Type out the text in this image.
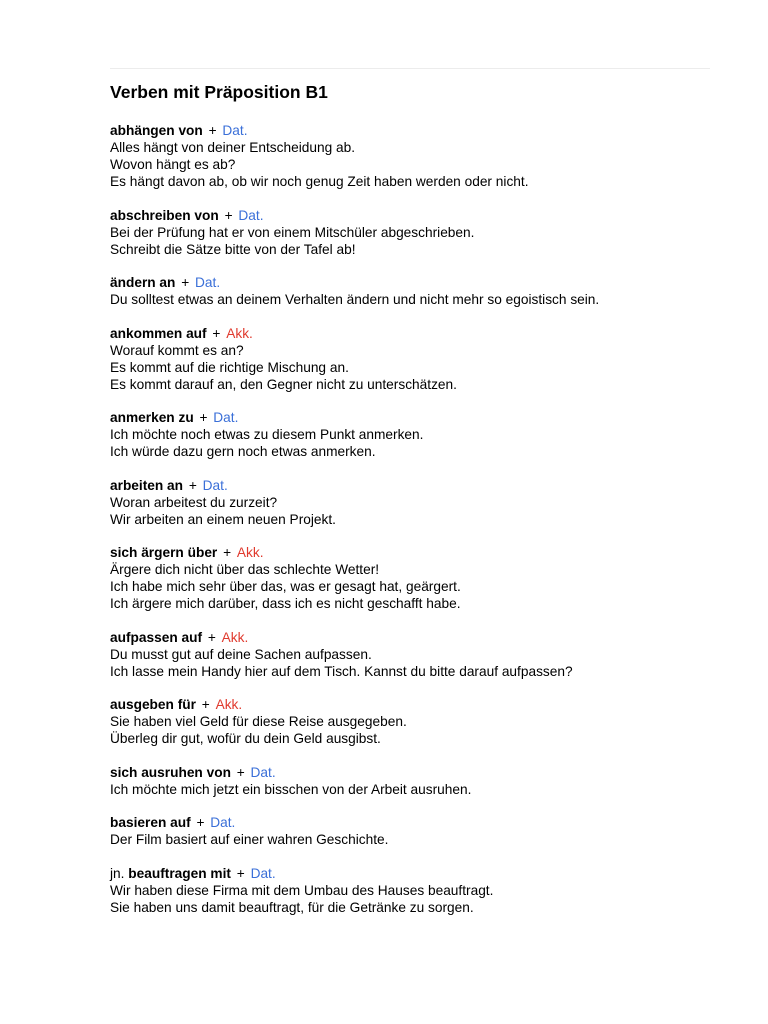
Verben mit Präposition B1
abhängen von + Dat.
Alles hängt von deiner Entscheidung ab.
Wovon hängt es ab?
Es hängt davon ab, ob wir noch genug Zeit haben werden oder nicht.
abschreiben von + Dat.
Bei der Prüfung hat er von einem Mitschüler abgeschrieben.
Schreibt die Sätze bitte von der Tafel ab!
ändern an + Dat.
Du solltest etwas an deinem Verhalten ändern und nicht mehr so egoistisch sein.
ankommen auf + Akk.
Worauf kommt es an?
Es kommt auf die richtige Mischung an.
Es kommt darauf an, den Gegner nicht zu unterschätzen.
anmerken zu + Dat.
Ich möchte noch etwas zu diesem Punkt anmerken.
Ich würde dazu gern noch etwas anmerken.
arbeiten an + Dat.
Woran arbeitest du zurzeit?
Wir arbeiten an einem neuen Projekt.
sich ärgern über + Akk.
Ärgere dich nicht über das schlechte Wetter!
Ich habe mich sehr über das, was er gesagt hat, geärgert.
Ich ärgere mich darüber, dass ich es nicht geschafft habe.
aufpassen auf + Akk.
Du musst gut auf deine Sachen aufpassen.
Ich lasse mein Handy hier auf dem Tisch. Kannst du bitte darauf aufpassen?
ausgeben für + Akk.
Sie haben viel Geld für diese Reise ausgegeben.
Überleg dir gut, wofür du dein Geld ausgibst.
sich ausruhen von + Dat.
Ich möchte mich jetzt ein bisschen von der Arbeit ausruhen.
basieren auf + Dat.
Der Film basiert auf einer wahren Geschichte.
jn. beauftragen mit + Dat.
Wir haben diese Firma mit dem Umbau des Hauses beauftragt.
Sie haben uns damit beauftragt, für die Getränke zu sorgen.
